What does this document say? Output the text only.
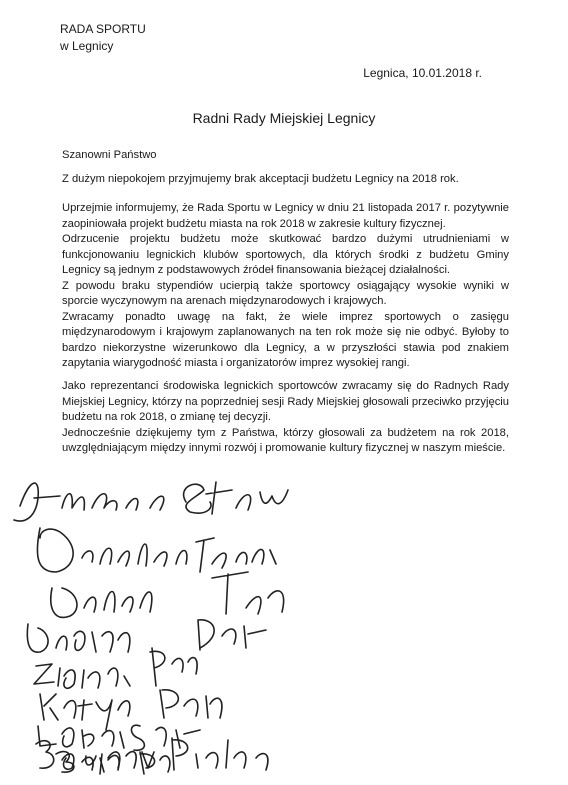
RADA SPORTU
w Legnicy
Legnica, 10.01.2018 r.
Radni Rady Miejskiej Legnicy

Szanowni Państwo

Z dużym niepokojem przyjmujemy brak akceptacji budżetu Legnicy na 2018 rok.

Uprzejmie informujemy, że Rada Sportu w Legnicy w dniu 21 listopada 2017 r. pozytywnie zaopiniowała projekt budżetu miasta na rok 2018 w zakresie kultury fizycznej.

Odrzucenie projektu budżetu może skutkować bardzo dużymi utrudnieniami w funkcjonowaniu legnickich klubów sportowych, dla których środki z budżetu Gminy Legnicy są jednym z podstawowych źródeł finansowania bieżącej działalności.

Z powodu braku stypendiów ucierpią także sportowcy osiągający wysokie wyniki w sporcie wyczynowym na arenach międzynarodowych i krajowych.

Zwracamy ponadto uwagę na fakt, że wiele imprez sportowych o zasięgu międzynarodowym i krajowym zaplanowanych na ten rok może się nie odbyć. Byłoby to bardzo niekorzystne wizerunkowo dla Legnicy, a w przyszłości stawia pod znakiem zapytania wiarygodność miasta i organizatorów imprez wysokiej rangi.

Jako reprezentanci środowiska legnickich sportowców zwracamy się do Radnych Rady Miejskiej Legnicy, którzy na poprzedniej sesji Rady Miejskiej głosowali przeciwko przyjęciu budżetu na rok 2018, o zmianę tej decyzji.

Jednocześnie dziękujemy tym z Państwa, którzy głosowali za budżetem na rok 2018, uwzględniającym między innymi rozwój i promowanie kultury fizycznej w naszym mieście.
